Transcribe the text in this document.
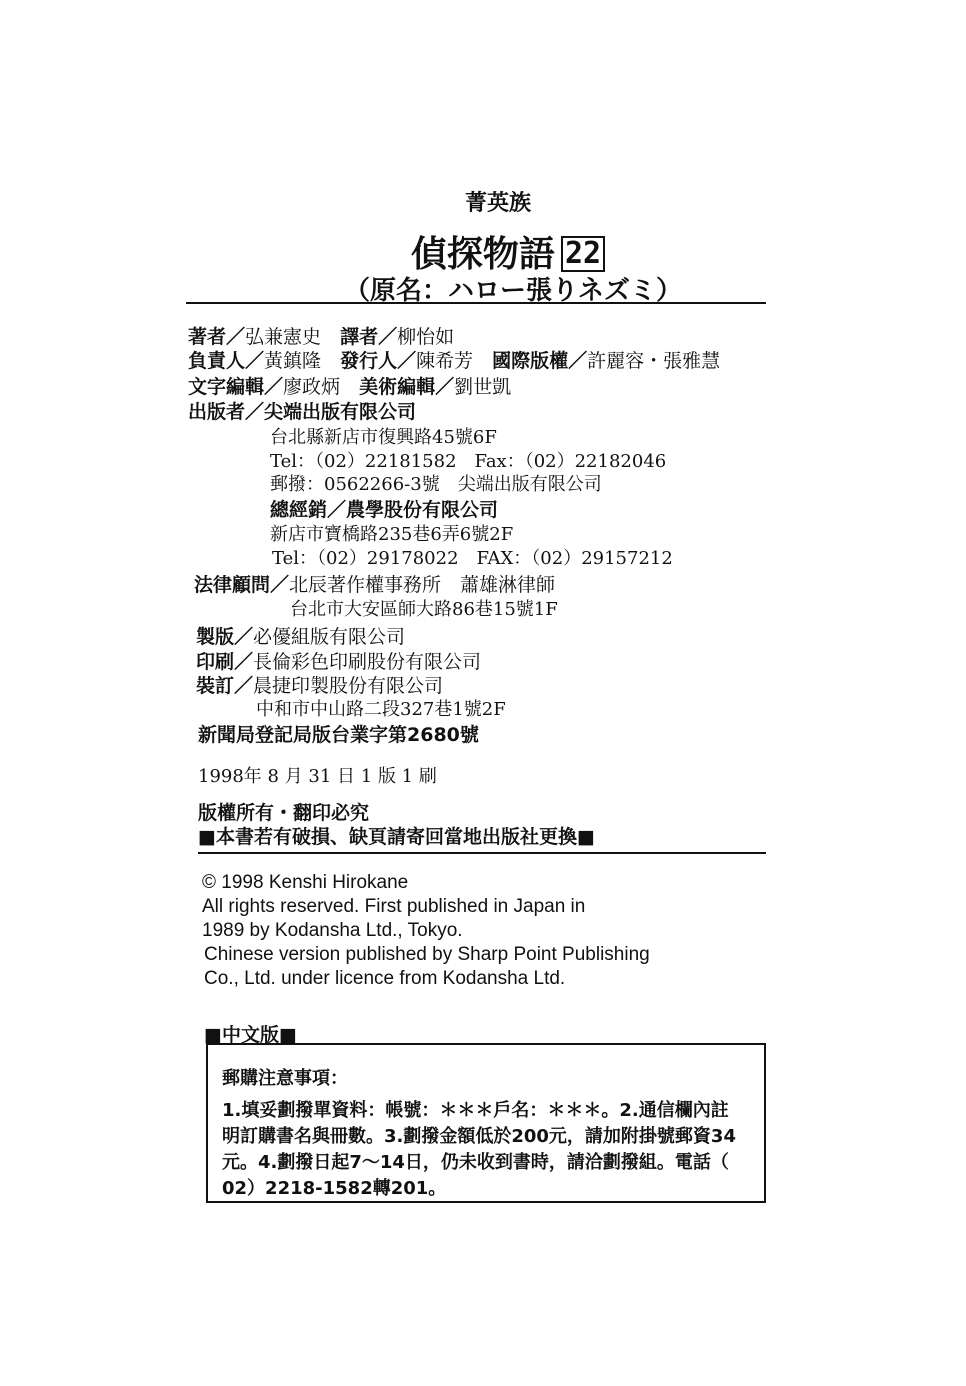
菁英族
偵探物語 22
（原名：ハロー張りネズミ）
著者／弘兼憲史　 譯者／柳怡如
負責人／黃鎮隆　 發行人／陳希芳　 國際版權／許麗容・張雅慧
文字編輯／廖政炳　 美術編輯／劉世凱
出版者／尖端出版有限公司
台北縣新店市復興路45號6F
Tel：（02）22181582　 Fax：（02）22182046
郵撥：0562266-3號　尖端出版有限公司
總經銷／農學股份有限公司
新店市寶橋路235巷6弄6號2F
Tel：（02）29178022　 FAX：（02）29157212
法律顧問／北辰著作權事務所　蕭雄淋律師
台北市大安區師大路86巷15號1F
製版／必優組版有限公司
印刷／長倫彩色印刷股份有限公司
裝訂／晨捷印製股份有限公司
中和市中山路二段327巷1號2F
新聞局登記局版台業字第2680號
1998年 8 月 31 日 1 版 1 刷
版權所有・翻印必究
■本書若有破損、缺頁請寄回當地出版社更換■
© 1998 Kenshi Hirokane
All rights reserved. First published in Japan in
1989 by Kodansha Ltd., Tokyo.
Chinese version published by Sharp Point Publishing
Co., Ltd. under licence from Kodansha Ltd.
■中文版■
郵購注意事項：
1.填妥劃撥單資料：帳號：＊＊＊戶名：＊＊＊。2.通信欄內註
明訂購書名與冊數。3.劃撥金額低於200元，請加附掛號郵資34
元。4.劃撥日起7～14日，仍未收到書時，請洽劃撥組。電話（
02）2218-1582轉201。
